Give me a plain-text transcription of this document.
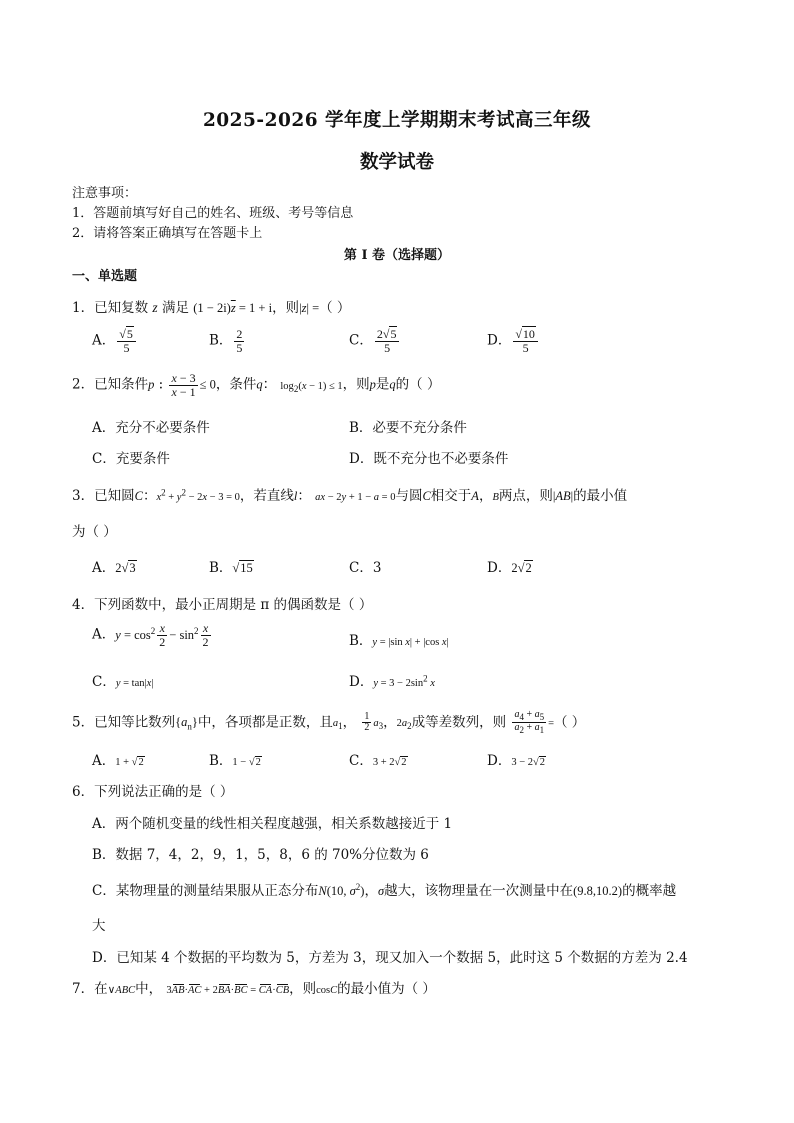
2025-2026 学年度上学期期末考试高三年级
数学试卷
注意事项：
1．答题前填写好自己的姓名、班级、考号等信息
2．请将答案正确填写在答题卡上
第 I 卷（选择题）
一、单选题
1．已知复数 z 满足 $(1 - 2i)\overline{z} = 1 + i$，则|z| =（ ）
A． $\frac{√5}{5}$	B． $\frac{2}{5}$	C． $\frac{2√5}{5}$	D． $\frac{√10}{5}$
2．已知条件p : $\frac{x - 3}{x - 1} \le 0$，条件q： $\log_2(x - 1) \le 1$，则p是q的（ ）
A．充分不必要条件	B．必要不充分条件
C．充要条件	D．既不充分也不必要条件
3．已知圆C：$x^2 + y^2 - 2x - 3 = 0$，若直线l： ax − 2y + 1 − a = 0与圆C相交于A，B两点，则|AB|的最小值
为（ ）
A．2√3	B．√15	C．3	D．2√2
4．下列函数中，最小正周期是 π 的偶函数是（ ）
A．$y = \cos^2 \frac{x}{2} - \sin^2 \frac{x}{2}$	B．y = |sin x| + |cos x|
C．y = tan|x|	D．$y = 3 - 2\sin^2$ x
5．已知等比数列$\{a_n\}$中，各项都是正数，且$a_1$， $\frac{1}{2} a_3$，$2a_2$成等差数列，则 $\frac{a_4 + a_5}{a_2 + a_1}$ =（ ）
A．1 + √2	B．1 − √2	C．3 + 2√2	D．3 − 2√2
6．下列说法正确的是（ ）
A．两个随机变量的线性相关程度越强，相关系数越接近于 1
B．数据 7，4，2，9，1，5，8，6 的 70%分位数为 6
C．某物理量的测量结果服从正态分布N(10, $\sigma^2$)，σ越大，该物理量在一次测量中在(9.8,10.2)的概率越
大
D．已知某 4 个数据的平均数为 5，方差为 3，现又加入一个数据 5，此时这 5 个数据的方差为 2.4
7．在∨ABC中， 3AB·AC + 2BA·BC = CA·CB，则cosC的最小值为（ ）
